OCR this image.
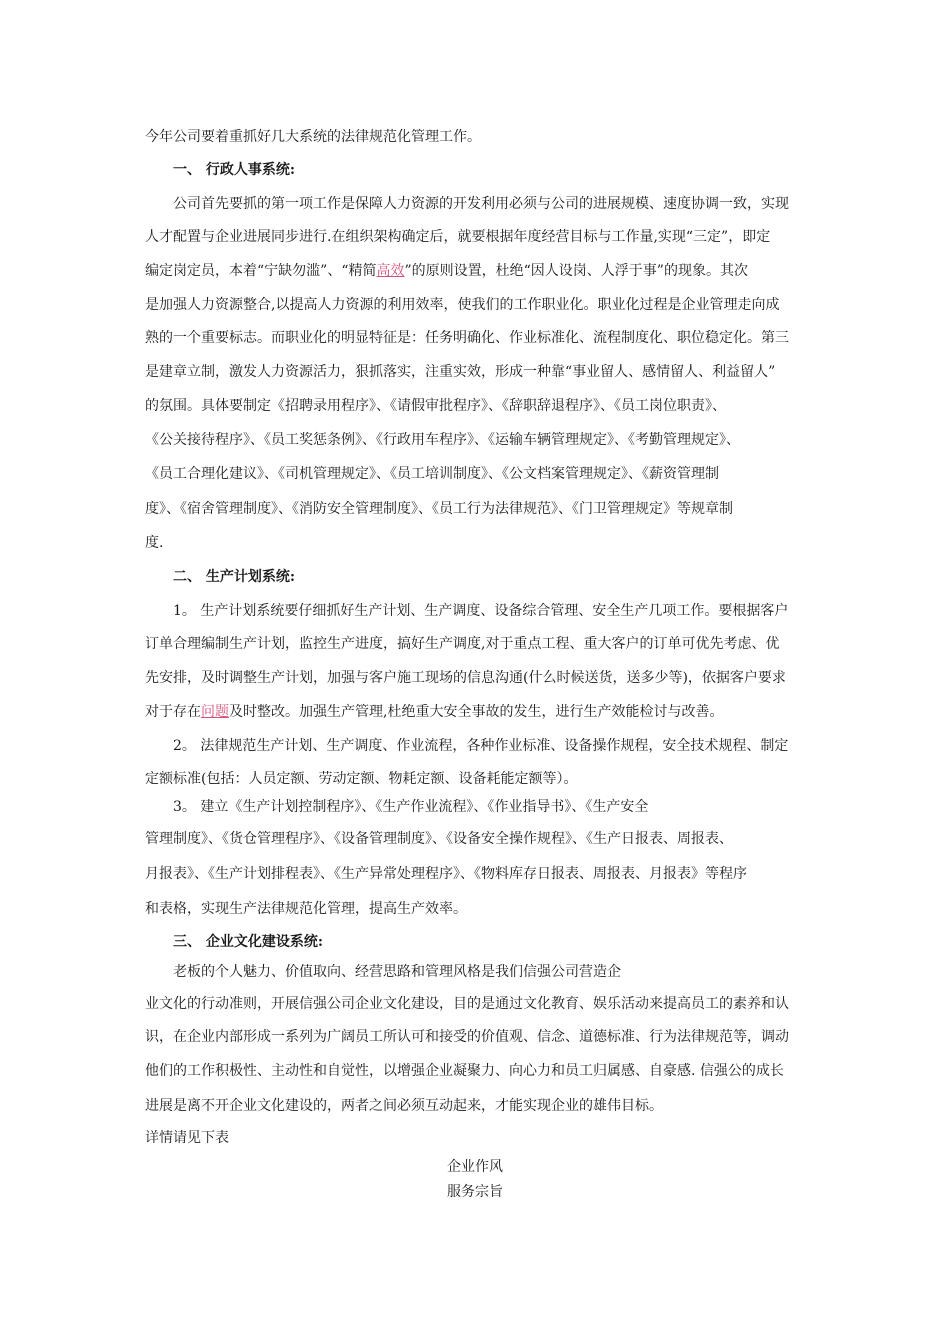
今年公司要着重抓好几大系统的法律规范化管理工作。
一、 行政人事系统:
公司首先要抓的第一项工作是保障人力资源的开发利用必须与公司的进展规模、速度协调一致，实现
人才配置与企业进展同步进行.在组织架构确定后，就要根据年度经营目标与工作量,实现“三定”，即定
编定岗定员，本着“宁缺勿滥”、“精简高效”的原则设置，杜绝“因人设岗、人浮于事”的现象。其次
是加强人力资源整合,以提高人力资源的利用效率，使我们的工作职业化。职业化过程是企业管理走向成
熟的一个重要标志。而职业化的明显特征是：任务明确化、作业标准化、流程制度化、职位稳定化。第三
是建章立制，激发人力资源活力，狠抓落实，注重实效，形成一种靠“事业留人、感情留人、利益留人”
的氛围。具体要制定《招聘录用程序》、《请假审批程序》、《辞职辞退程序》、《员工岗位职责》、
《公关接待程序》、《员工奖惩条例》、《行政用车程序》、《运输车辆管理规定》、《考勤管理规定》、
《员工合理化建议》、《司机管理规定》、《员工培训制度》、《公文档案管理规定》、《薪资管理制
度》、《宿舍管理制度》、《消防安全管理制度》、《员工行为法律规范》、《门卫管理规定》等规章制
度.
二、 生产计划系统:
1。 生产计划系统要仔细抓好生产计划、生产调度、设备综合管理、安全生产几项工作。要根据客户
订单合理编制生产计划，监控生产进度，搞好生产调度,对于重点工程、重大客户的订单可优先考虑、优
先安排，及时调整生产计划，加强与客户施工现场的信息沟通(什么时候送货，送多少等)，依据客户要求
对于存在问题及时整改。加强生产管理,杜绝重大安全事故的发生，进行生产效能检讨与改善。
2。 法律规范生产计划、生产调度、作业流程，各种作业标准、设备操作规程，安全技术规程、制定
定额标准(包括：人员定额、劳动定额、物耗定额、设备耗能定额等）。
3。 建立《生产计划控制程序》、《生产作业流程》、《作业指导书》、《生产安全
管理制度》、《货仓管理程序》、《设备管理制度》、《设备安全操作规程》、《生产日报表、周报表、
月报表》、《生产计划排程表》、《生产异常处理程序》、《物料库存日报表、周报表、月报表》等程序
和表格，实现生产法律规范化管理，提高生产效率。
三、 企业文化建设系统:
老板的个人魅力、价值取向、经营思路和管理风格是我们信强公司营造企
业文化的行动准则，开展信强公司企业文化建设，目的是通过文化教育、娱乐活动来提高员工的素养和认
识，在企业内部形成一系列为广阔员工所认可和接受的价值观、信念、道德标准、行为法律规范等，调动
他们的工作积极性、主动性和自觉性，以增强企业凝聚力、向心力和员工归属感、自豪感. 信强公的成长
进展是离不开企业文化建设的，两者之间必须互动起来，才能实现企业的雄伟目标。
详情请见下表
企业作风
服务宗旨
